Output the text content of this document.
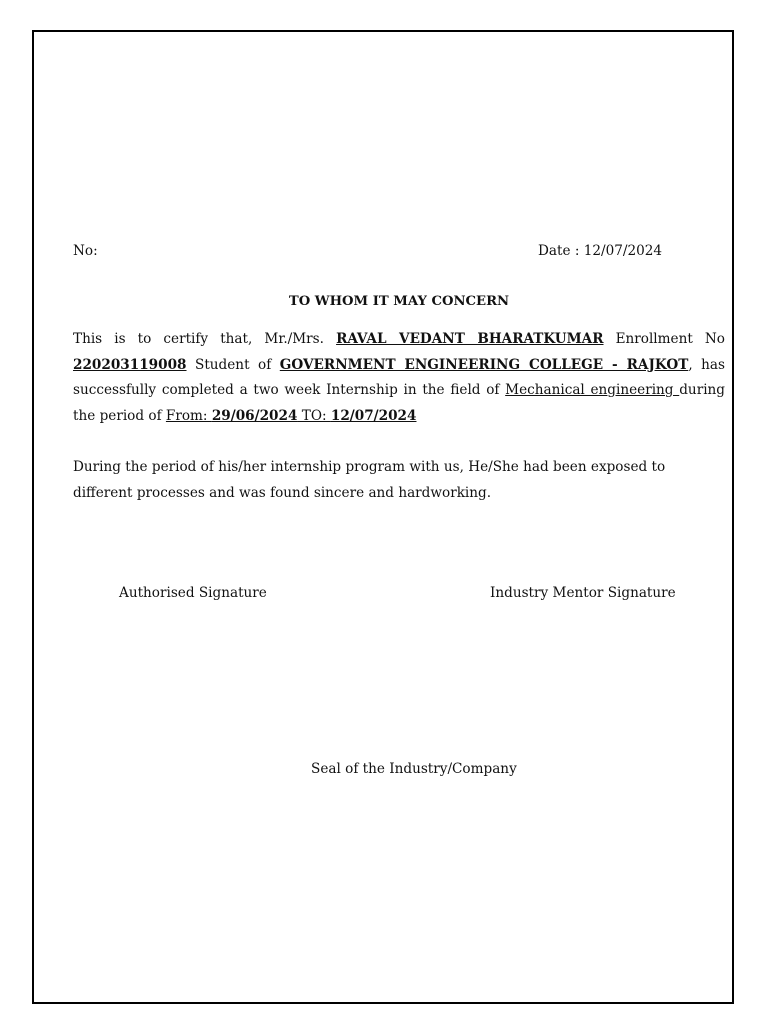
No:	Date : 12/07/2024
TO WHOM IT MAY CONCERN
This is to certify that, Mr./Mrs. RAVAL VEDANT BHARATKUMAR Enrollment No 220203119008 Student of GOVERNMENT ENGINEERING COLLEGE - RAJKOT, has successfully completed a two week Internship in the field of Mechanical engineering during the period of From: 29/06/2024 TO: 12/07/2024
During the period of his/her internship program with us, He/She had been exposed to different processes and was found sincere and hardworking.
Authorised Signature	Industry Mentor Signature
Seal of the Industry/Company
